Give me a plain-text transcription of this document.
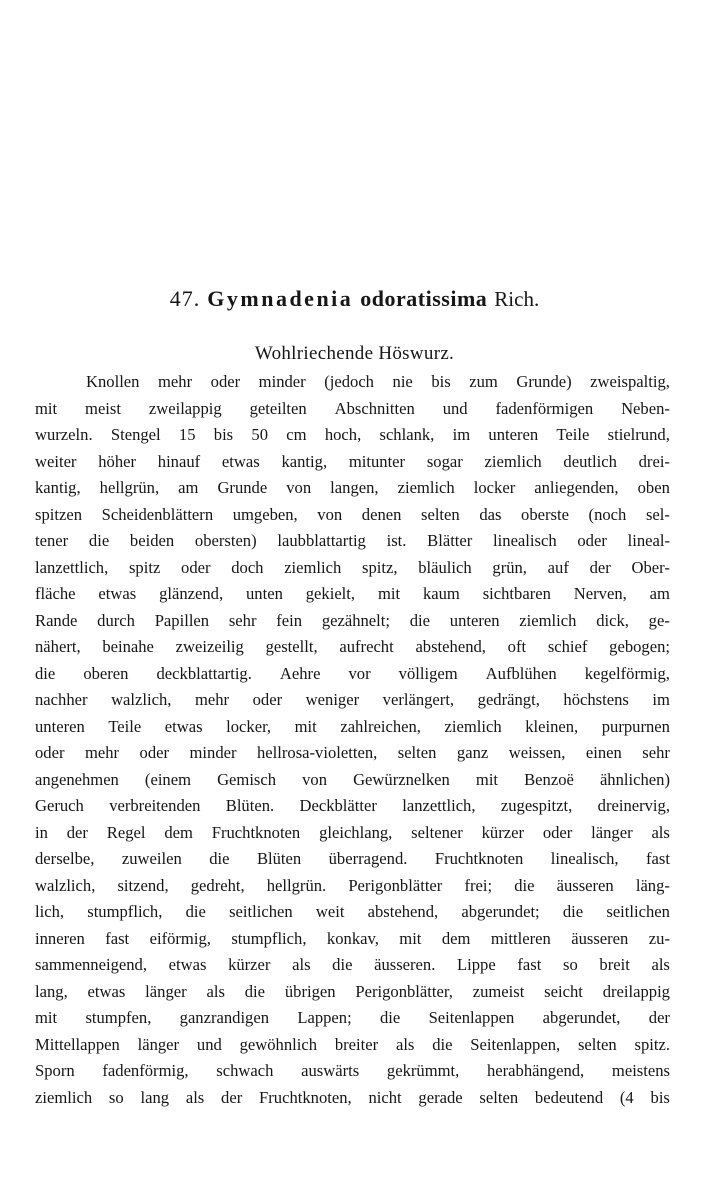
47. Gymnadenia odoratissima Rich.
Wohlriechende Höswurz.
Knollen mehr oder minder (jedoch nie bis zum Grunde) zweispaltig,
mit meist zweilappig geteilten Abschnitten und fadenförmigen Neben-
wurzeln. Stengel 15 bis 50 cm hoch, schlank, im unteren Teile stielrund,
weiter höher hinauf etwas kantig, mitunter sogar ziemlich deutlich drei-
kantig, hellgrün, am Grunde von langen, ziemlich locker anliegenden, oben
spitzen Scheidenblättern umgeben, von denen selten das oberste (noch sel-
tener die beiden obersten) laubblattartig ist. Blätter linealisch oder lineal-
lanzettlich, spitz oder doch ziemlich spitz, bläulich grün, auf der Ober-
fläche etwas glänzend, unten gekielt, mit kaum sichtbaren Nerven, am
Rande durch Papillen sehr fein gezähnelt; die unteren ziemlich dick, ge-
nähert, beinahe zweizeilig gestellt, aufrecht abstehend, oft schief gebogen;
die oberen deckblattartig. Aehre vor völligem Aufblühen kegelförmig,
nachher walzlich, mehr oder weniger verlängert, gedrängt, höchstens im
unteren Teile etwas locker, mit zahlreichen, ziemlich kleinen, purpurnen
oder mehr oder minder hellrosa-violetten, selten ganz weissen, einen sehr
angenehmen (einem Gemisch von Gewürznelken mit Benzoë ähnlichen)
Geruch verbreitenden Blüten. Deckblätter lanzettlich, zugespitzt, dreinervig,
in der Regel dem Fruchtknoten gleichlang, seltener kürzer oder länger als
derselbe, zuweilen die Blüten überragend. Fruchtknoten linealisch, fast
walzlich, sitzend, gedreht, hellgrün. Perigonblätter frei; die äusseren läng-
lich, stumpflich, die seitlichen weit abstehend, abgerundet; die seitlichen
inneren fast eiförmig, stumpflich, konkav, mit dem mittleren äusseren zu-
sammenneigend, etwas kürzer als die äusseren. Lippe fast so breit als
lang, etwas länger als die übrigen Perigonblätter, zumeist seicht dreilappig
mit stumpfen, ganzrandigen Lappen; die Seitenlappen abgerundet, der
Mittellappen länger und gewöhnlich breiter als die Seitenlappen, selten spitz.
Sporn fadenförmig, schwach auswärts gekrümmt, herabhängend, meistens
ziemlich so lang als der Fruchtknoten, nicht gerade selten bedeutend (4 bis
